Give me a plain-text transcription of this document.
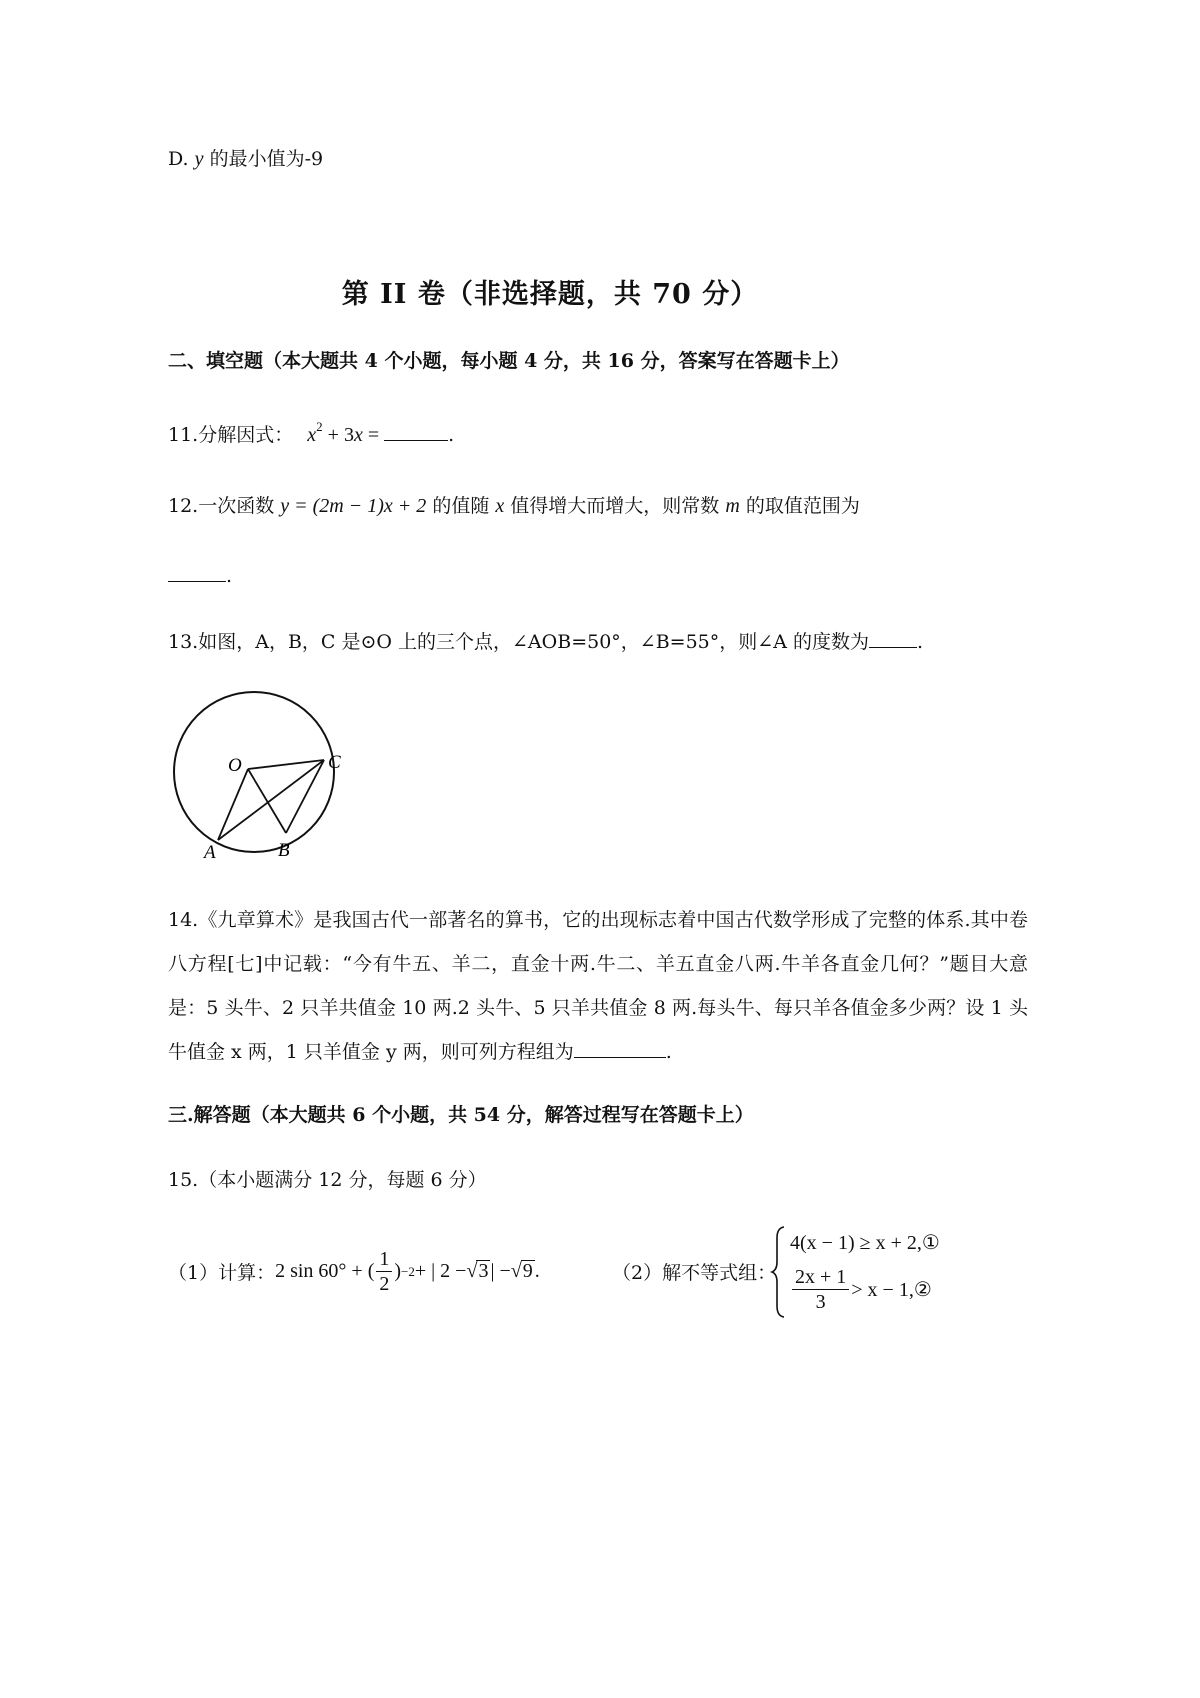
D. y 的最小值为-9
第 II 卷（非选择题，共 70 分）
二、填空题（本大题共 4 个小题，每小题 4 分，共 16 分，答案写在答题卡上）
11.分解因式： $x^2 + 3x$ =	.
12.一次函数 y = (2m − 1)x + 2 的值随 x 值得增大而增大，则常数 m 的取值范围为
.
13.如图，A，B，C 是⊙O 上的三个点，∠AOB=50°，∠B=55°，则∠A 的度数为	.
O	C
A	B
14.《九章算术》是我国古代一部著名的算书，它的出现标志着中国古代数学形成了完整的体系.其中卷八方程[七]中记载：“今有牛五、羊二，直金十两.牛二、羊五直金八两.牛羊各直金几何？”题目大意是：5 头牛、2 只羊共值金 10 两.2 头牛、5 只羊共值金 8 两.每头牛、每只羊各值金多少两？设 1 头牛值金 x 两，1 只羊值金 y 两，则可列方程组为	.
三.解答题（本大题共 6 个小题，共 54 分，解答过程写在答题卡上）
15.（本小题满分 12 分，每题 6 分）
（1）计算： 2 sin 60° + ( $\frac{1}{2}$ ) −2 + | 2 − √3 | − √9 .	（2）解不等式组：
4(x − 1) ≥ x + 2,①
$\frac{2x + 1}{3} > x$ − 1,②
